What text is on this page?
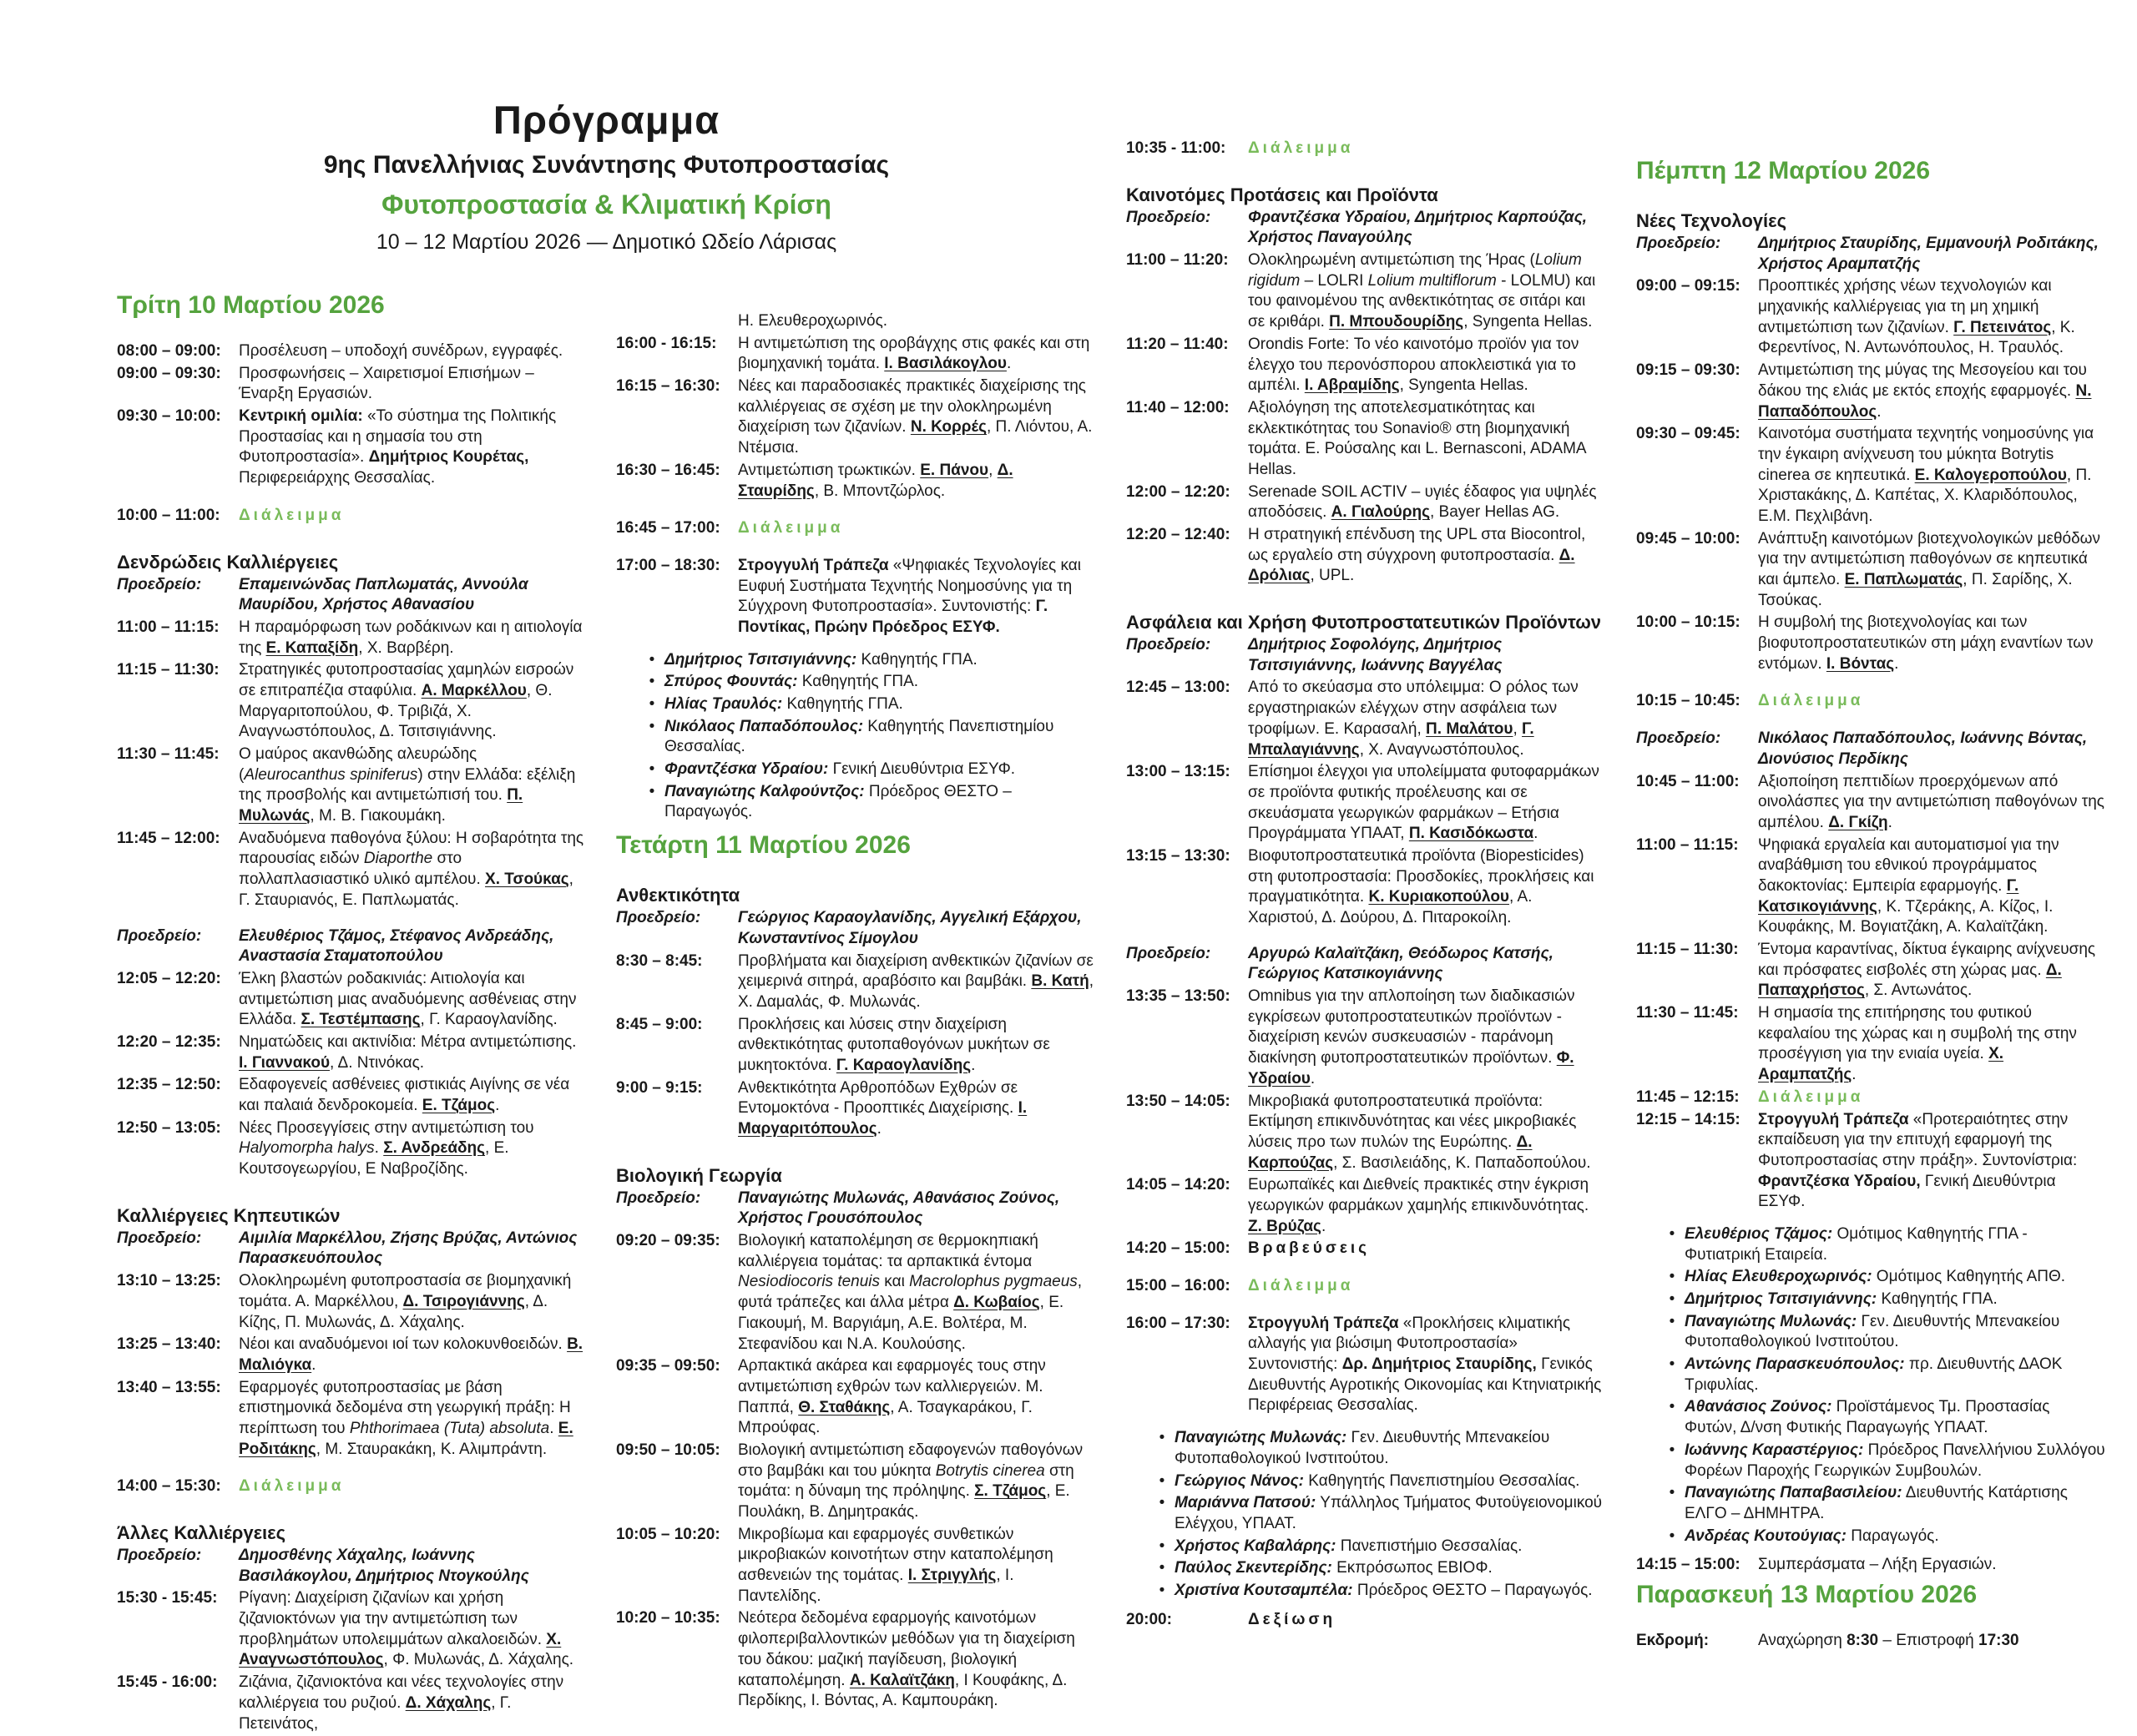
Πρόγραμμα
9ης Πανελλήνιας Συνάντησης Φυτοπροστασίας
Φυτοπροστασία & Κλιματική Κρίση
10 – 12 Μαρτίου 2026 — Δημοτικό Ωδείο Λάρισας
Τρίτη 10 Μαρτίου 2026
08:00 – 09:00:	Προσέλευση – υποδοχή συνέδρων, εγγραφές.
09:00 – 09:30:	Προσφωνήσεις – Χαιρετισμοί Επισήμων – Έναρξη Εργασιών.
09:30 – 10:00:	Κεντρική ομιλία: «Το σύστημα της Πολιτικής Προστασίας και η σημασία του στη Φυτοπροστασία». Δημήτριος Κουρέτας, Περιφερειάρχης Θεσσαλίας.
10:00 – 11:00:	Διάλειμμα
Δενδρώδεις Καλλιέργειες
Προεδρείο:	Επαμεινώνδας Παπλωματάς, Αννούλα Μαυρίδου, Χρήστος Αθανασίου
11:00 – 11:15:	Η παραμόρφωση των ροδάκινων και η αιτιολογία της Ε. Καπαξίδη, Χ. Βαρβέρη.
11:15 – 11:30:	Στρατηγικές φυτοπροστασίας χαμηλών εισροών σε επιτραπέζια σταφύλια. Α. Μαρκέλλου, Θ. Μαργαριτοπούλου, Φ. Τριβιζά, Χ. Αναγνωστόπουλος, Δ. Τσιτσιγιάννης.
11:30 – 11:45:	Ο μαύρος ακανθώδης αλευρώδης (Aleurocanthus spiniferus) στην Ελλάδα: εξέλιξη της προσβολής και αντιμετώπισή του. Π. Μυλωνάς, Μ. Β. Γιακουμάκη.
11:45 – 12:00:	Αναδυόμενα παθογόνα ξύλου: Η σοβαρότητα της παρουσίας ειδών Diaporthe στο πολλαπλασιαστικό υλικό αμπέλου. Χ. Τσούκας, Γ. Σταυριανός, Ε. Παπλωματάς.
Προεδρείο:	Ελευθέριος Τζάμος, Στέφανος Ανδρεάδης, Αναστασία Σταματοπούλου
12:05 – 12:20:	Έλκη βλαστών ροδακινιάς: Αιτιολογία και αντιμετώπιση μιας αναδυόμενης ασθένειας στην Ελλάδα. Σ. Τεστέμπασης, Γ. Καραογλανίδης.
12:20 – 12:35:	Νηματώδεις και ακτινίδια: Μέτρα αντιμετώπισης. Ι. Γιαννακού, Δ. Ντινόκας.
12:35 – 12:50:	Εδαφογενείς ασθένειες φιστικιάς Αιγίνης σε νέα και παλαιά δενδροκομεία. Ε. Τζάμος.
12:50 – 13:05:	Νέες Προσεγγίσεις στην αντιμετώπιση του Halyomorpha halys. Σ. Ανδρεάδης, Ε. Κουτσογεωργίου, Ε Ναβροζίδης.
Καλλιέργειες Κηπευτικών
Προεδρείο:	Αιμιλία Μαρκέλλου, Ζήσης Βρύζας, Αντώνιος Παρασκευόπουλος
13:10 – 13:25:	Ολοκληρωμένη φυτοπροστασία σε βιομηχανική τομάτα. Α. Μαρκέλλου, Δ. Τσιρογιάννης, Δ. Κίζης, Π. Μυλωνάς, Δ. Χάχαλης.
13:25 – 13:40:	Νέοι και αναδυόμενοι ιοί των κολοκυνθοειδών. Β. Μαλιόγκα.
13:40 – 13:55:	Εφαρμογές φυτοπροστασίας με βάση επιστημονικά δεδομένα στη γεωργική πράξη: Η περίπτωση του Phthorimaea (Tuta) absoluta. Ε. Ροδιτάκης, Μ. Σταυρακάκη, Κ. Αλιμπράντη.
14:00 – 15:30:	Διάλειμμα
Άλλες Καλλιέργειες
Προεδρείο:	Δημοσθένης Χάχαλης, Ιωάννης Βασιλάκογλου, Δημήτριος Ντογκούλης
15:30 - 15:45:	Ρίγανη: Διαχείριση ζιζανίων και χρήση ζιζανιοκτόνων για την αντιμετώπιση των προβλημάτων υπολειμμάτων αλκαλοειδών. Χ. Αναγνωστόπουλος, Φ. Μυλωνάς, Δ. Χάχαλης.
15:45 - 16:00:	Ζιζάνια, ζιζανιοκτόνα και νέες τεχνολογίες στην καλλιέργεια του ρυζιού. Δ. Χάχαλης, Γ. Πετεινάτος,
Η. Ελευθεροχωρινός.
16:00 - 16:15:	Η αντιμετώπιση της οροβάγχης στις φακές και στη βιομηχανική τομάτα. Ι. Βασιλάκογλου.
16:15 – 16:30:	Νέες και παραδοσιακές πρακτικές διαχείρισης της καλλιέργειας σε σχέση με την ολοκληρωμένη διαχείριση των ζιζανίων. Ν. Κορρές, Π. Λιόντου, Α. Ντέμσια.
16:30 – 16:45:	Αντιμετώπιση τρωκτικών. Ε. Πάνου, Δ. Σταυρίδης, Β. Μποντζώρλος.
16:45 – 17:00:	Διάλειμμα
17:00 – 18:30:	Στρογγυλή Τράπεζα «Ψηφιακές Τεχνολογίες και Ευφυή Συστήματα Τεχνητής Νοημοσύνης για τη Σύγχρονη Φυτοπροστασία». Συντονιστής: Γ. Ποντίκας, Πρώην Πρόεδρος ΕΣΥΦ.
• Δημήτριος Τσιτσιγιάννης: Καθηγητής ΓΠΑ.
• Σπύρος Φουντάς: Καθηγητής ΓΠΑ.
• Ηλίας Τραυλός: Καθηγητής ΓΠΑ.
• Νικόλαος Παπαδόπουλος: Καθηγητής Πανεπιστημίου Θεσσαλίας.
• Φραντζέσκα Υδραίου: Γενική Διευθύντρια ΕΣΥΦ.
• Παναγιώτης Καλφούντζος: Πρόεδρος ΘΕΣΤΟ – Παραγωγός.
Τετάρτη 11 Μαρτίου 2026
Ανθεκτικότητα
Προεδρείο:	Γεώργιος Καραογλανίδης, Αγγελική Εξάρχου, Κωνσταντίνος Σίμογλου
8:30 – 8:45:	Προβλήματα και διαχείριση ανθεκτικών ζιζανίων σε χειμερινά σιτηρά, αραβόσιτο και βαμβάκι. Β. Κατή, Χ. Δαμαλάς, Φ. Μυλωνάς.
8:45 – 9:00:	Προκλήσεις και λύσεις στην διαχείριση ανθεκτικότητας φυτοπαθογόνων μυκήτων σε μυκητοκτόνα. Γ. Καραογλανίδης.
9:00 – 9:15:	Ανθεκτικότητα Αρθροπόδων Εχθρών σε Εντομοκτόνα - Προοπτικές Διαχείρισης. Ι. Μαργαριτόπουλος.
Βιολογική Γεωργία
Προεδρείο:	Παναγιώτης Μυλωνάς, Αθανάσιος Ζούνος, Χρήστος Γρουσόπουλος
09:20 – 09:35:	Βιολογική καταπολέμηση σε θερμοκηπιακή καλλιέργεια τομάτας: τα αρπακτικά έντομα Nesiodiocoris tenuis και Macrolophus pygmaeus, φυτά τράπεζες και άλλα μέτρα Δ. Κωβαίος, Ε. Γιακουμή, Μ. Βαργιάμη, Α.Ε. Βολτέρα, Μ. Στεφανίδου και Ν.Α. Κουλούσης.
09:35 – 09:50:	Αρπακτικά ακάρεα και εφαρμογές τους στην αντιμετώπιση εχθρών των καλλιεργειών. Μ. Παππά, Θ. Σταθάκης, Α. Τσαγκαράκου, Γ. Μπρούφας.
09:50 – 10:05:	Βιολογική αντιμετώπιση εδαφογενών παθογόνων στο βαμβάκι και του μύκητα Botrytis cinerea στη τομάτα: η δύναμη της πρόληψης. Σ. Τζάμος, Ε. Πουλάκη, Β. Δημητρακάς.
10:05 – 10:20:	Μικροβίωμα και εφαρμογές συνθετικών μικροβιακών κοινοτήτων στην καταπολέμηση ασθενειών της τομάτας. Ι. Στριγγλής, Ι. Παντελίδης.
10:20 – 10:35:	Νεότερα δεδομένα εφαρμογής καινοτόμων φιλοπεριβαλλοντικών μεθόδων για τη διαχείριση του δάκου: μαζική παγίδευση, βιολογική καταπολέμηση. Α. Καλαϊτζάκη, Ι Κουφάκης, Δ. Περδίκης, Ι. Βόντας, Α. Καμπουράκη.
10:35 - 11:00:	Διάλειμμα
Καινοτόμες Προτάσεις και Προϊόντα
Προεδρείο:	Φραντζέσκα Υδραίου, Δημήτριος Καρπούζας, Χρήστος Παναγούλης
11:00 – 11:20:	Ολοκληρωμένη αντιμετώπιση της Ήρας (Lolium rigidum – LOLRI Lolium multiflorum - LOLMU) και του φαινομένου της ανθεκτικότητας σε σιτάρι και σε κριθάρι. Π. Μπουδουρίδης, Syngenta Hellas.
11:20 – 11:40:	Orondis Forte: Το νέο καινοτόμο προϊόν για τον έλεγχο του περονόσπορου αποκλειστικά για το αμπέλι. Ι. Αβραμίδης, Syngenta Hellas.
11:40 – 12:00:	Αξιολόγηση της αποτελεσματικότητας και εκλεκτικότητας του Sonavio® στη βιομηχανική τομάτα. Ε. Ρούσαλης και L. Bernasconi, ADAMA Hellas.
12:00 – 12:20:	Serenade SOIL ACTIV – υγιές έδαφος για υψηλές αποδόσεις. Α. Γιαλούρης, Bayer Hellas AG.
12:20 – 12:40:	Η στρατηγική επένδυση της UPL στα Biocontrol, ως εργαλείο στη σύγχρονη φυτοπροστασία. Δ. Δρόλιας, UPL.
Ασφάλεια και Χρήση Φυτοπροστατευτικών Προϊόντων
Προεδρείο:	Δημήτριος Σοφολόγης, Δημήτριος Τσιτσιγιάννης, Ιωάννης Βαγγέλας
12:45 – 13:00:	Από το σκεύασμα στο υπόλειμμα: Ο ρόλος των εργαστηριακών ελέγχων στην ασφάλεια των τροφίμων. Ε. Καρασαλή, Π. Μαλάτου, Γ. Μπαλαγιάννης, Χ. Αναγνωστόπουλος.
13:00 – 13:15:	Επίσημοι έλεγχοι για υπολείμματα φυτοφαρμάκων σε προϊόντα φυτικής προέλευσης και σε σκευάσματα γεωργικών φαρμάκων – Ετήσια Προγράμματα ΥΠΑΑΤ, Π. Κασιδόκωστα.
13:15 – 13:30:	Βιοφυτοπροστατευτικά προϊόντα (Biopesticides) στη φυτοπροστασία: Προσδοκίες, προκλήσεις και πραγματικότητα. Κ. Κυριακοπούλου, Α. Χαριστού, Δ. Δούρου, Δ. Πιταροκοίλη.
Προεδρείο:	Αργυρώ Καλαϊτζάκη, Θεόδωρος Κατσής, Γεώργιος Κατσικογιάννης
13:35 – 13:50:	Omnibus για την απλοποίηση των διαδικασιών εγκρίσεων φυτοπροστατευτικών προϊόντων - διαχείριση κενών συσκευασιών - παράνομη διακίνηση φυτοπροστατευτικών προϊόντων. Φ. Υδραίου.
13:50 – 14:05:	Μικροβιακά φυτοπροστατευτικά προϊόντα: Εκτίμηση επικινδυνότητας και νέες μικροβιακές λύσεις προ των πυλών της Ευρώπης. Δ. Καρπούζας, Σ. Βασιλειάδης, Κ. Παπαδοπούλου.
14:05 – 14:20:	Ευρωπαϊκές και Διεθνείς πρακτικές στην έγκριση γεωργικών φαρμάκων χαμηλής επικινδυνότητας. Ζ. Βρύζας.
14:20 – 15:00:	Βραβεύσεις
15:00 – 16:00:	Διάλειμμα
16:00 – 17:30:	Στρογγυλή Τράπεζα «Προκλήσεις κλιματικής αλλαγής για βιώσιμη Φυτοπροστασία» Συντονιστής: Δρ. Δημήτριος Σταυρίδης, Γενικός Διευθυντής Αγροτικής Οικονομίας και Κτηνιατρικής Περιφέρειας Θεσσαλίας.
• Παναγιώτης Μυλωνάς: Γεν. Διευθυντής Μπενακείου Φυτοπαθολογικού Ινστιτούτου.
• Γεώργιος Νάνος: Καθηγητής Πανεπιστημίου Θεσσαλίας.
• Μαριάννα Πατσού: Υπάλληλος Τμήματος Φυτοϋγειονομικού Ελέγχου, ΥΠΑΑΤ.
• Χρήστος Καβαλάρης: Πανεπιστήμιο Θεσσαλίας.
• Παύλος Σκεντερίδης: Εκπρόσωπος ΕΒΙΟΦ.
• Χριστίνα Κουτσαμπέλα: Πρόεδρος ΘΕΣΤΟ – Παραγωγός.
20:00:	Δεξίωση
Πέμπτη 12 Μαρτίου 2026
Νέες Τεχνολογίες
Προεδρείο:	Δημήτριος Σταυρίδης, Εμμανουήλ Ροδιτάκης, Χρήστος Αραμπατζής
09:00 – 09:15:	Προοπτικές χρήσης νέων τεχνολογιών και μηχανικής καλλιέργειας για τη μη χημική αντιμετώπιση των ζιζανίων. Γ. Πετεινάτος, Κ. Φερεντίνος, Ν. Αντωνόπουλος, Η. Τραυλός.
09:15 – 09:30:	Αντιμετώπιση της μύγας της Μεσογείου και του δάκου της ελιάς με εκτός εποχής εφαρμογές. Ν. Παπαδόπουλος.
09:30 – 09:45:	Καινοτόμα συστήματα τεχνητής νοημοσύνης για την έγκαιρη ανίχνευση του μύκητα Botrytis cinerea σε κηπευτικά. Ε. Καλογεροπούλου, Π. Χριστακάκης, Δ. Καπέτας, Χ. Κλαριδόπουλος, Ε.Μ. Πεχλιβάνη.
09:45 – 10:00:	Ανάπτυξη καινοτόμων βιοτεχνολογικών μεθόδων για την αντιμετώπιση παθογόνων σε κηπευτικά και άμπελο. Ε. Παπλωματάς, Π. Σαρίδης, Χ. Τσούκας.
10:00 – 10:15:	Η συμβολή της βιοτεχνολογίας και των βιοφυτοπροστατευτικών στη μάχη εναντίων των εντόμων. Ι. Βόντας.
10:15 – 10:45:	Διάλειμμα
Προεδρείο:	Νικόλαος Παπαδόπουλος, Ιωάννης Βόντας, Διονύσιος Περδίκης
10:45 – 11:00:	Αξιοποίηση πεπτιδίων προερχόμενων από οινολάσπες για την αντιμετώπιση παθογόνων της αμπέλου. Δ. Γκίζη.
11:00 – 11:15:	Ψηφιακά εργαλεία και αυτοματισμοί για την αναβάθμιση του εθνικού προγράμματος δακοκτονίας: Εμπειρία εφαρμογής. Γ. Κατσικογιάννης, Κ. Τζεράκης, Α. Κίζος, Ι. Κουφάκης, Μ. Βογιατζάκη, Α. Καλαϊτζάκη.
11:15 – 11:30:	Έντομα καραντίνας, δίκτυα έγκαιρης ανίχνευσης και πρόσφατες εισβολές στη χώρας μας. Δ. Παπαχρήστος, Σ. Αντωνάτος.
11:30 – 11:45:	Η σημασία της επιτήρησης του φυτικού κεφαλαίου της χώρας και η συμβολή της στην προσέγγιση για την ενιαία υγεία. Χ. Αραμπατζής.
11:45 – 12:15:	Διάλειμμα
12:15 – 14:15:	Στρογγυλή Τράπεζα «Προτεραιότητες στην εκπαίδευση για την επιτυχή εφαρμογή της Φυτοπροστασίας στην πράξη». Συντονίστρια: Φραντζέσκα Υδραίου, Γενική Διευθύντρια ΕΣΥΦ.
• Ελευθέριος Τζάμος: Ομότιμος Καθηγητής ΓΠΑ - Φυτιατρική Εταιρεία.
• Ηλίας Ελευθεροχωρινός: Ομότιμος Καθηγητής ΑΠΘ.
• Δημήτριος Τσιτσιγιάννης: Καθηγητής ΓΠΑ.
• Παναγιώτης Μυλωνάς: Γεν. Διευθυντής Μπενακείου Φυτοπαθολογικού Ινστιτούτου.
• Αντώνης Παρασκευόπουλος: πρ. Διευθυντής ΔΑΟΚ Τριφυλίας.
• Αθανάσιος Ζούνος: Προϊστάμενος Τμ. Προστασίας Φυτών, Δ/νση Φυτικής Παραγωγής ΥΠΑΑΤ.
• Ιωάννης Καραστέργιος: Πρόεδρος Πανελλήνιου Συλλόγου Φορέων Παροχής Γεωργικών Συμβουλών.
• Παναγιώτης Παπαβασιλείου: Διευθυντής Κατάρτισης ΕΛΓΟ – ΔΗΜΗΤΡΑ.
• Ανδρέας Κουτούγιας: Παραγωγός.
14:15 – 15:00:	Συμπεράσματα – Λήξη Εργασιών.
Παρασκευή 13 Μαρτίου 2026
Εκδρομή:	Αναχώρηση 8:30 – Επιστροφή 17:30
